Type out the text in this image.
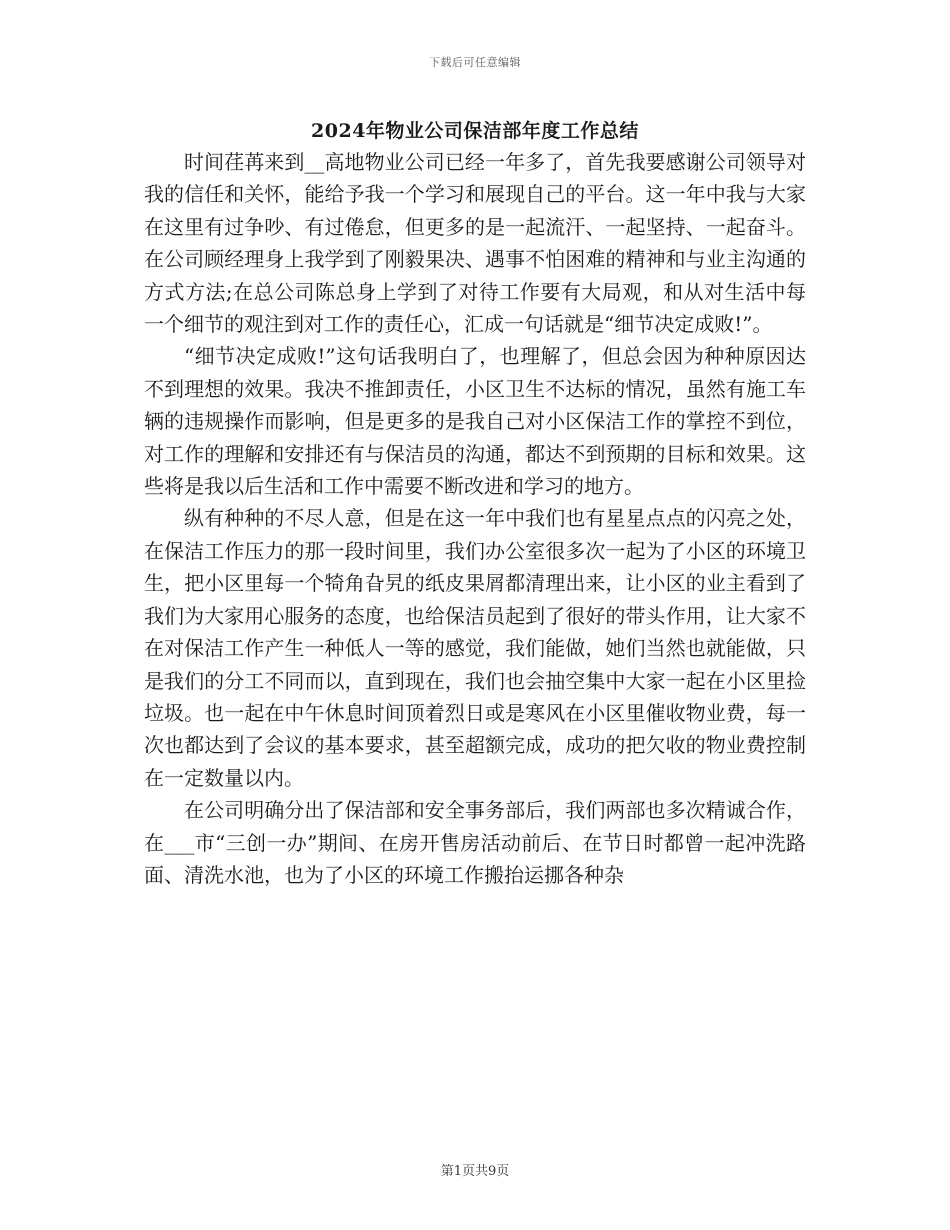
下载后可任意编辑
2024年物业公司保洁部年度工作总结

时间荏苒来到__高地物业公司已经一年多了，首先我要感谢公司领导对我的信任和关怀，能给予我一个学习和展现自己的平台。这一年中我与大家在这里有过争吵、有过倦怠，但更多的是一起流汗、一起坚持、一起奋斗。在公司顾经理身上我学到了刚毅果决、遇事不怕困难的精神和与业主沟通的方式方法;在总公司陈总身上学到了对待工作要有大局观，和从对生活中每一个细节的观注到对工作的责任心，汇成一句话就是“细节决定成败!”。

“细节决定成败!”这句话我明白了，也理解了，但总会因为种种原因达不到理想的效果。我决不推卸责任，小区卫生不达标的情况，虽然有施工车辆的违规操作而影响，但是更多的是我自己对小区保洁工作的掌控不到位，对工作的理解和安排还有与保洁员的沟通，都达不到预期的目标和效果。这些将是我以后生活和工作中需要不断改进和学习的地方。

纵有种种的不尽人意，但是在这一年中我们也有星星点点的闪亮之处，在保洁工作压力的那一段时间里，我们办公室很多次一起为了小区的环境卫生，把小区里每一个犄角旮旯的纸皮果屑都清理出来，让小区的业主看到了我们为大家用心服务的态度，也给保洁员起到了很好的带头作用，让大家不在对保洁工作产生一种低人一等的感觉，我们能做，她们当然也就能做，只是我们的分工不同而以，直到现在，我们也会抽空集中大家一起在小区里捡垃圾。也一起在中午休息时间顶着烈日或是寒风在小区里催收物业费，每一次也都达到了会议的基本要求，甚至超额完成，成功的把欠收的物业费控制在一定数量以内。

在公司明确分出了保洁部和安全事务部后，我们两部也多次精诚合作，在___市“三创一办”期间、在房开售房活动前后、在节日时都曾一起冲洗路面、清洗水池，也为了小区的环境工作搬抬运挪各种杂

第1页共9页
